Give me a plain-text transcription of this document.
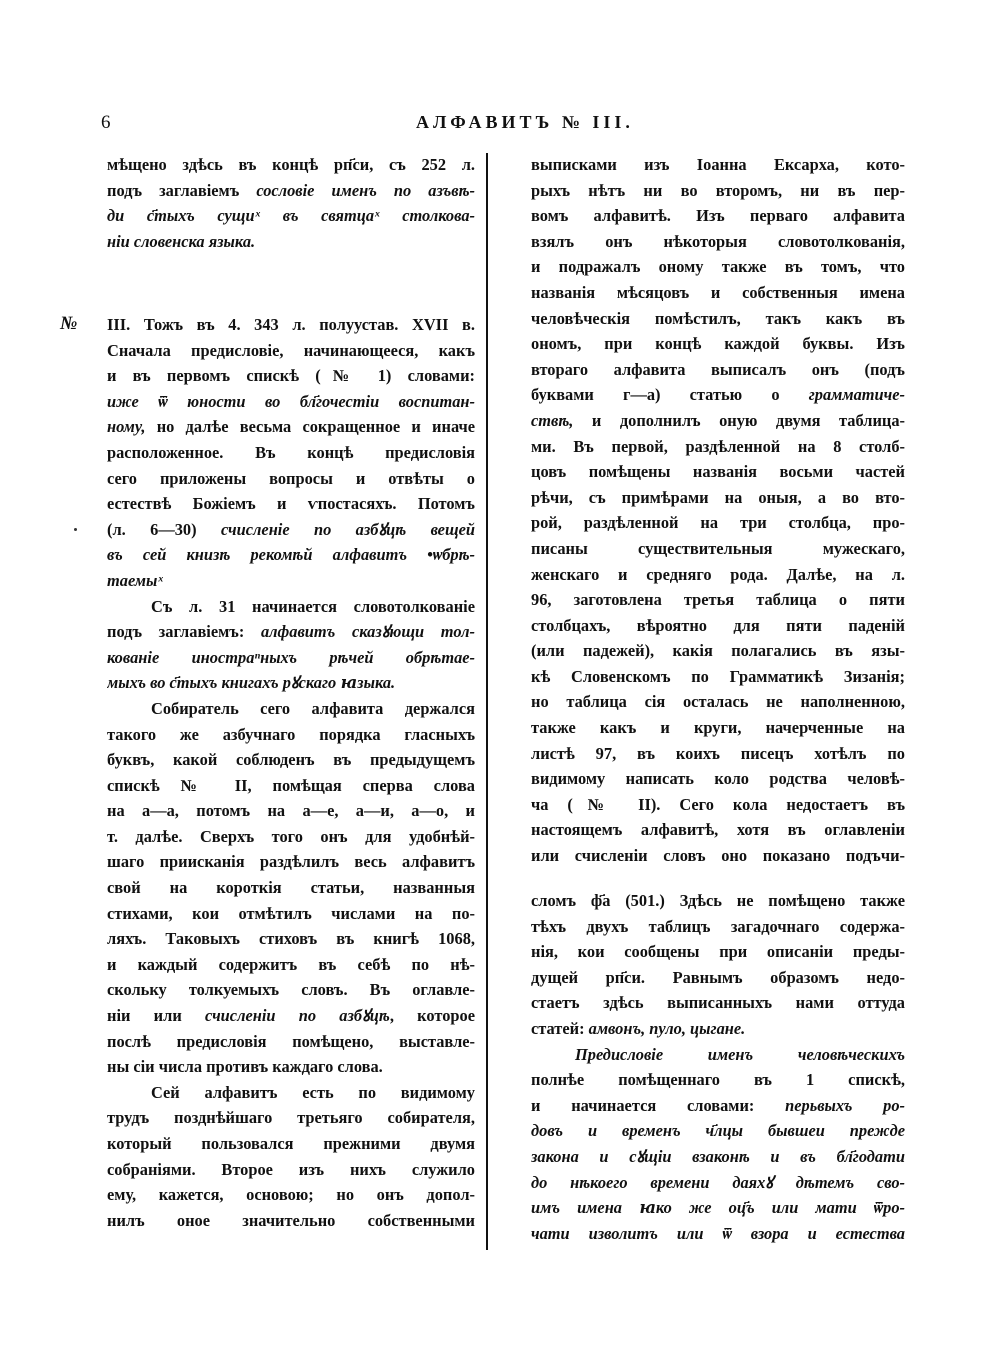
6	АЛФАВИТЪ № III.
№
мѣщено здѣсь въ концѣ рп҃си, съ 252 л.
подъ заглавіемъ сословіе именъ по азъвѣ-
ди с҃тыхъ сущиˣ въ святцаˣ столкова-
ніи словенска языка.
III. Тожъ въ 4. 343 л. полуустав. XVII в.
Сначала предисловіе, начинающееся, какъ
и въ первомъ спискѣ (№ 1) словами:
иже ѿ юности во бл҃гочестіи воспитан-
ному, но далѣе весьма сокращенное и иначе
расположенное. Въ концѣ предисловія
сего приложены вопросы и отвѣты о
естествѣ Божіемъ и ѵпостасяхъ. Потомъ
(л. 6—30) счисленіе по азбꙋцѣ вещей
въ сей книзѣ рекомѣй алфавитъ •ѡбрѣ-
таемыˣ
Съ л. 31 начинается словотолкованіе
подъ заглавіемъ: алфавитъ сказꙋющи тол-
кованіе иностраⁿныхъ рѣчей обрѣтае-
мыхъ во с҃тыхъ книгахъ рꙋскаго ꙗзыка.
Собиратель сего алфавита держался
такого же азбучнаго порядка гласныхъ
буквъ, какой соблюденъ въ предыдущемъ
спискѣ № II, помѣщая сперва слова
на а—а, потомъ на а—е, а—и, а—о, и
т. далѣе. Сверхъ того онъ для удобнѣй-
шаго приисканія раздѣлилъ весь алфавитъ
свой на короткія статьи, названныя
стихами, кои отмѣтилъ числами на по-
ляхъ. Таковыхъ стиховъ въ книгѣ 1068,
и каждый содержитъ въ себѣ по нѣ-
скольку толкуемыхъ словъ. Въ оглавле-
ніи или счисленіи по азбꙋцѣ, которое
послѣ предисловія помѣщено, выставле-
ны сіи числа противъ каждаго слова.
Сей алфавитъ есть по видимому
трудъ позднѣйшаго третьяго собирателя,
который пользовался прежними двумя
собраніями. Второе изъ нихъ служило
ему, кажется, основою; но онъ допол-
нилъ оное значительно собственными
выписками изъ Іоанна Ексарха, кото-
рыхъ нѣтъ ни во второмъ, ни въ пер-
вомъ алфавитѣ. Изъ перваго алфавита
взялъ онъ нѣкоторыя словотолкованія,
и подражалъ оному также въ томъ, что
названія мѣсяцовъ и собственныя имена
человѣческія помѣстилъ, такъ какъ въ
ономъ, при концѣ каждой буквы. Изъ
втораго алфавита выписалъ онъ (подъ
буквами г—а) статью о грамматиче-
ствѣ, и дополнилъ оную двумя таблица-
ми. Въ первой, раздѣленной на 8 столб-
цовъ помѣщены названія восьми частей
рѣчи, съ примѣрами на оныя, а во вто-
рой, раздѣленной на три столбца, про-
писаны существительныя мужескаго,
женскаго и средняго рода. Далѣе, на л.
96, заготовлена третья таблица о пяти
столбцахъ, вѣроятно для пяти паденій
(или падежей), какія полагались въ язы-
кѣ Словенскомъ по Грамматикѣ Зизанія;
но таблица сія осталась не наполненною,
также какъ и круги, начерченные на
листѣ 97, въ коихъ писецъ хотѣлъ по
видимому написать коло родства человѣ-
ча (№ II). Сего кола недостаетъ въ
настоящемъ алфавитѣ, хотя въ оглавленіи
или счисленіи словъ оно показано подъчи-
сломъ ф҃а (501.) Здѣсь не помѣщено также
тѣхъ двухъ таблицъ загадочнаго содержа-
нія, кои сообщены при описаніи преды-
дущей рп҃си. Равнымъ образомъ недо-
стаетъ здѣсь выписанныхъ нами оттуда
статей: амвонъ, пуло, цыгане.
Предисловіе именъ человѣческихъ
полнѣе помѣщеннаго въ 1 спискѣ,
и начинается словами: перьвыхъ ро-
довъ и временъ ч҃лцы бывшеи прежде
закона и сꙋщіи взаконѣ и въ бл҃годати
до нѣкоего времени даяхꙋ дѣтемъ сво-
имъ имена ꙗко же оц҃ъ или мати ѿро-
чати изволитъ или ѿ взора и естества
